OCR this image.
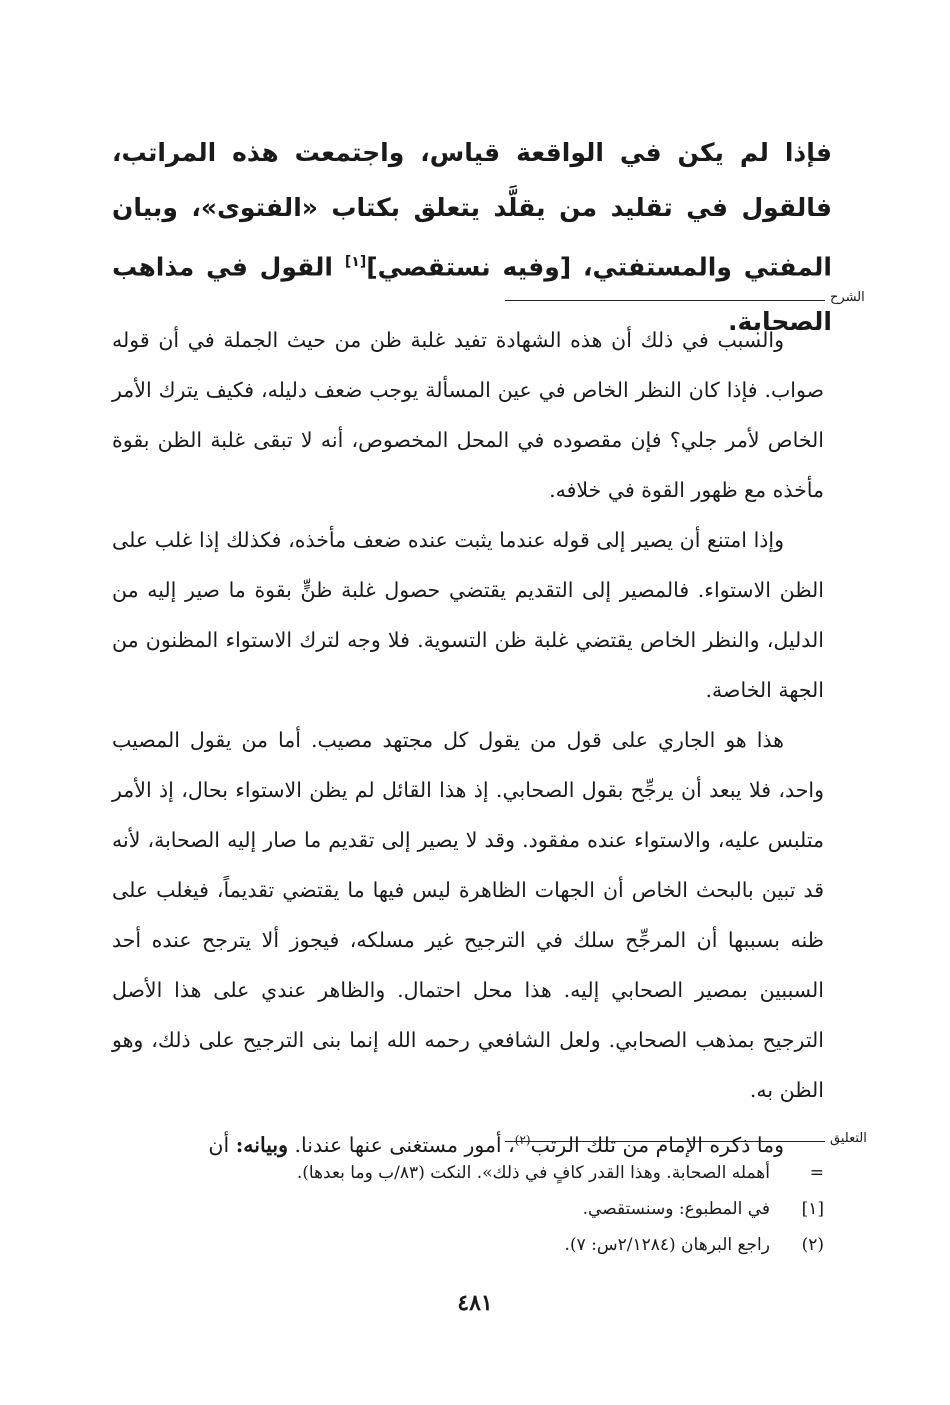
فإذا لم يكن في الواقعة قياس، واجتمعت هذه المراتب، فالقول في تقليد من يقلَّد يتعلق بكتاب «الفتوى»، وبيان المفتي والمستفتي، [وفيه نستقصي][١] القول في مذاهب الصحابة.
الشرح

والسبب في ذلك أن هذه الشهادة تفيد غلبة ظن من حيث الجملة في أن قوله صواب. فإذا كان النظر الخاص في عين المسألة يوجب ضعف دليله، فكيف يترك الأمر الخاص لأمر جلي؟ فإن مقصوده في المحل المخصوص، أنه لا تبقى غلبة الظن بقوة مأخذه مع ظهور القوة في خلافه.

وإذا امتنع أن يصير إلى قوله عندما يثبت عنده ضعف مأخذه، فكذلك إذا غلب على الظن الاستواء. فالمصير إلى التقديم يقتضي حصول غلبة ظنٍّ بقوة ما صير إليه من الدليل، والنظر الخاص يقتضي غلبة ظن التسوية. فلا وجه لترك الاستواء المظنون من الجهة الخاصة.

هذا هو الجاري على قول من يقول كل مجتهد مصيب. أما من يقول المصيب واحد، فلا يبعد أن يرجِّح بقول الصحابي. إذ هذا القائل لم يظن الاستواء بحال، إذ الأمر متلبس عليه، والاستواء عنده مفقود. وقد لا يصير إلى تقديم ما صار إليه الصحابة، لأنه قد تبين بالبحث الخاص أن الجهات الظاهرة ليس فيها ما يقتضي تقديماً، فيغلب على ظنه بسببها أن المرجِّح سلك في الترجيح غير مسلكه، فيجوز ألا يترجح عنده أحد السببين بمصير الصحابي إليه. هذا محل احتمال. والظاهر عندي على هذا الأصل الترجيح بمذهب الصحابي. ولعل الشافعي رحمه الله إنما بنى الترجيح على ذلك، وهو الظن به.

وما ذكره الإمام من تلك الرتب$^{(٢)}$، أمور مستغنى عنها عندنا. وبيانه: أن	التعليق
=
أهمله الصحابة. وهذا القدر كافٍ في ذلك». النكت (٨٣/ب وما بعدها).
[١]
في المطبوع: وسنستقصي.
(٢)
راجع البرهان (٢/١٢٨٤س: ٧).
٤٨١
